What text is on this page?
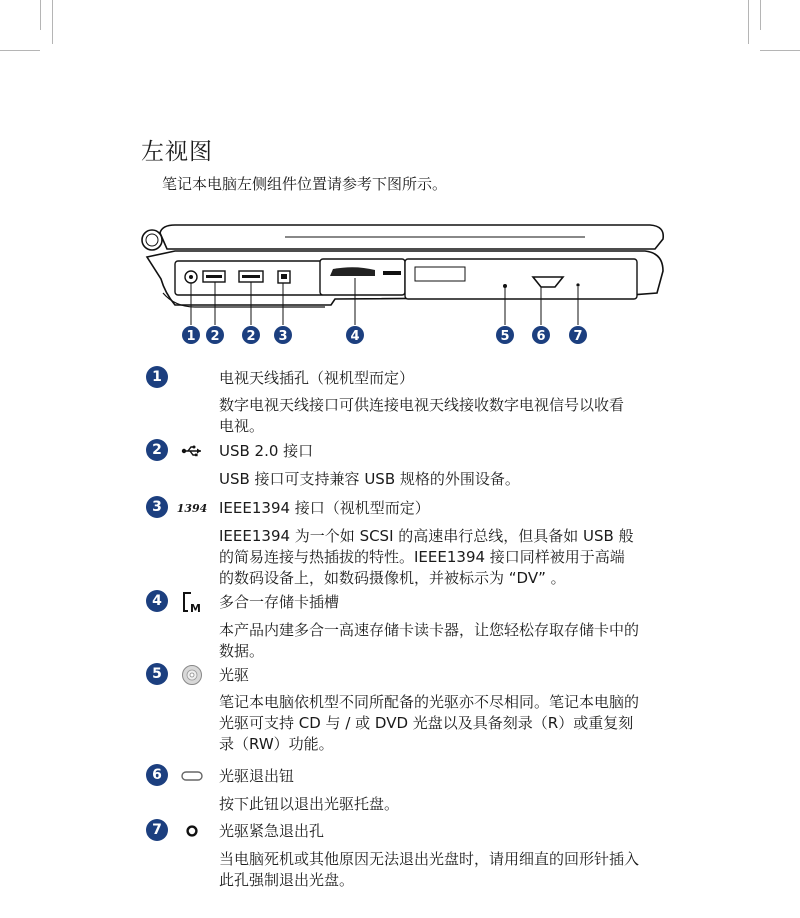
左视图
笔记本电脑左侧组件位置请参考下图所示。
1 2 2 3	4	5 6 7
1	电视天线插孔（视机型而定）
数字电视天线接口可供连接电视天线接收数字电视信号以收看
电视。
2	USB 2.0 接口
USB 接口可支持兼容 USB 规格的外围设备。
3	1394 IEEE1394 接口（视机型而定）
IEEE1394 为一个如 SCSI 的高速串行总线，但具备如 USB 般
的简易连接与热插拔的特性。IEEE1394 接口同样被用于高端
的数码设备上，如数码摄像机，并被标示为 “DV” 。
4	M 多合一存储卡插槽
本产品内建多合一高速存储卡读卡器，让您轻松存取存储卡中的
数据。
5	光驱
笔记本电脑依机型不同所配备的光驱亦不尽相同。笔记本电脑的
光驱可支持 CD 与 / 或 DVD 光盘以及具备刻录（R）或重复刻
录（RW）功能。
6	光驱退出钮
按下此钮以退出光驱托盘。
7	光驱紧急退出孔
当电脑死机或其他原因无法退出光盘时，请用细直的回形针插入
此孔强制退出光盘。
